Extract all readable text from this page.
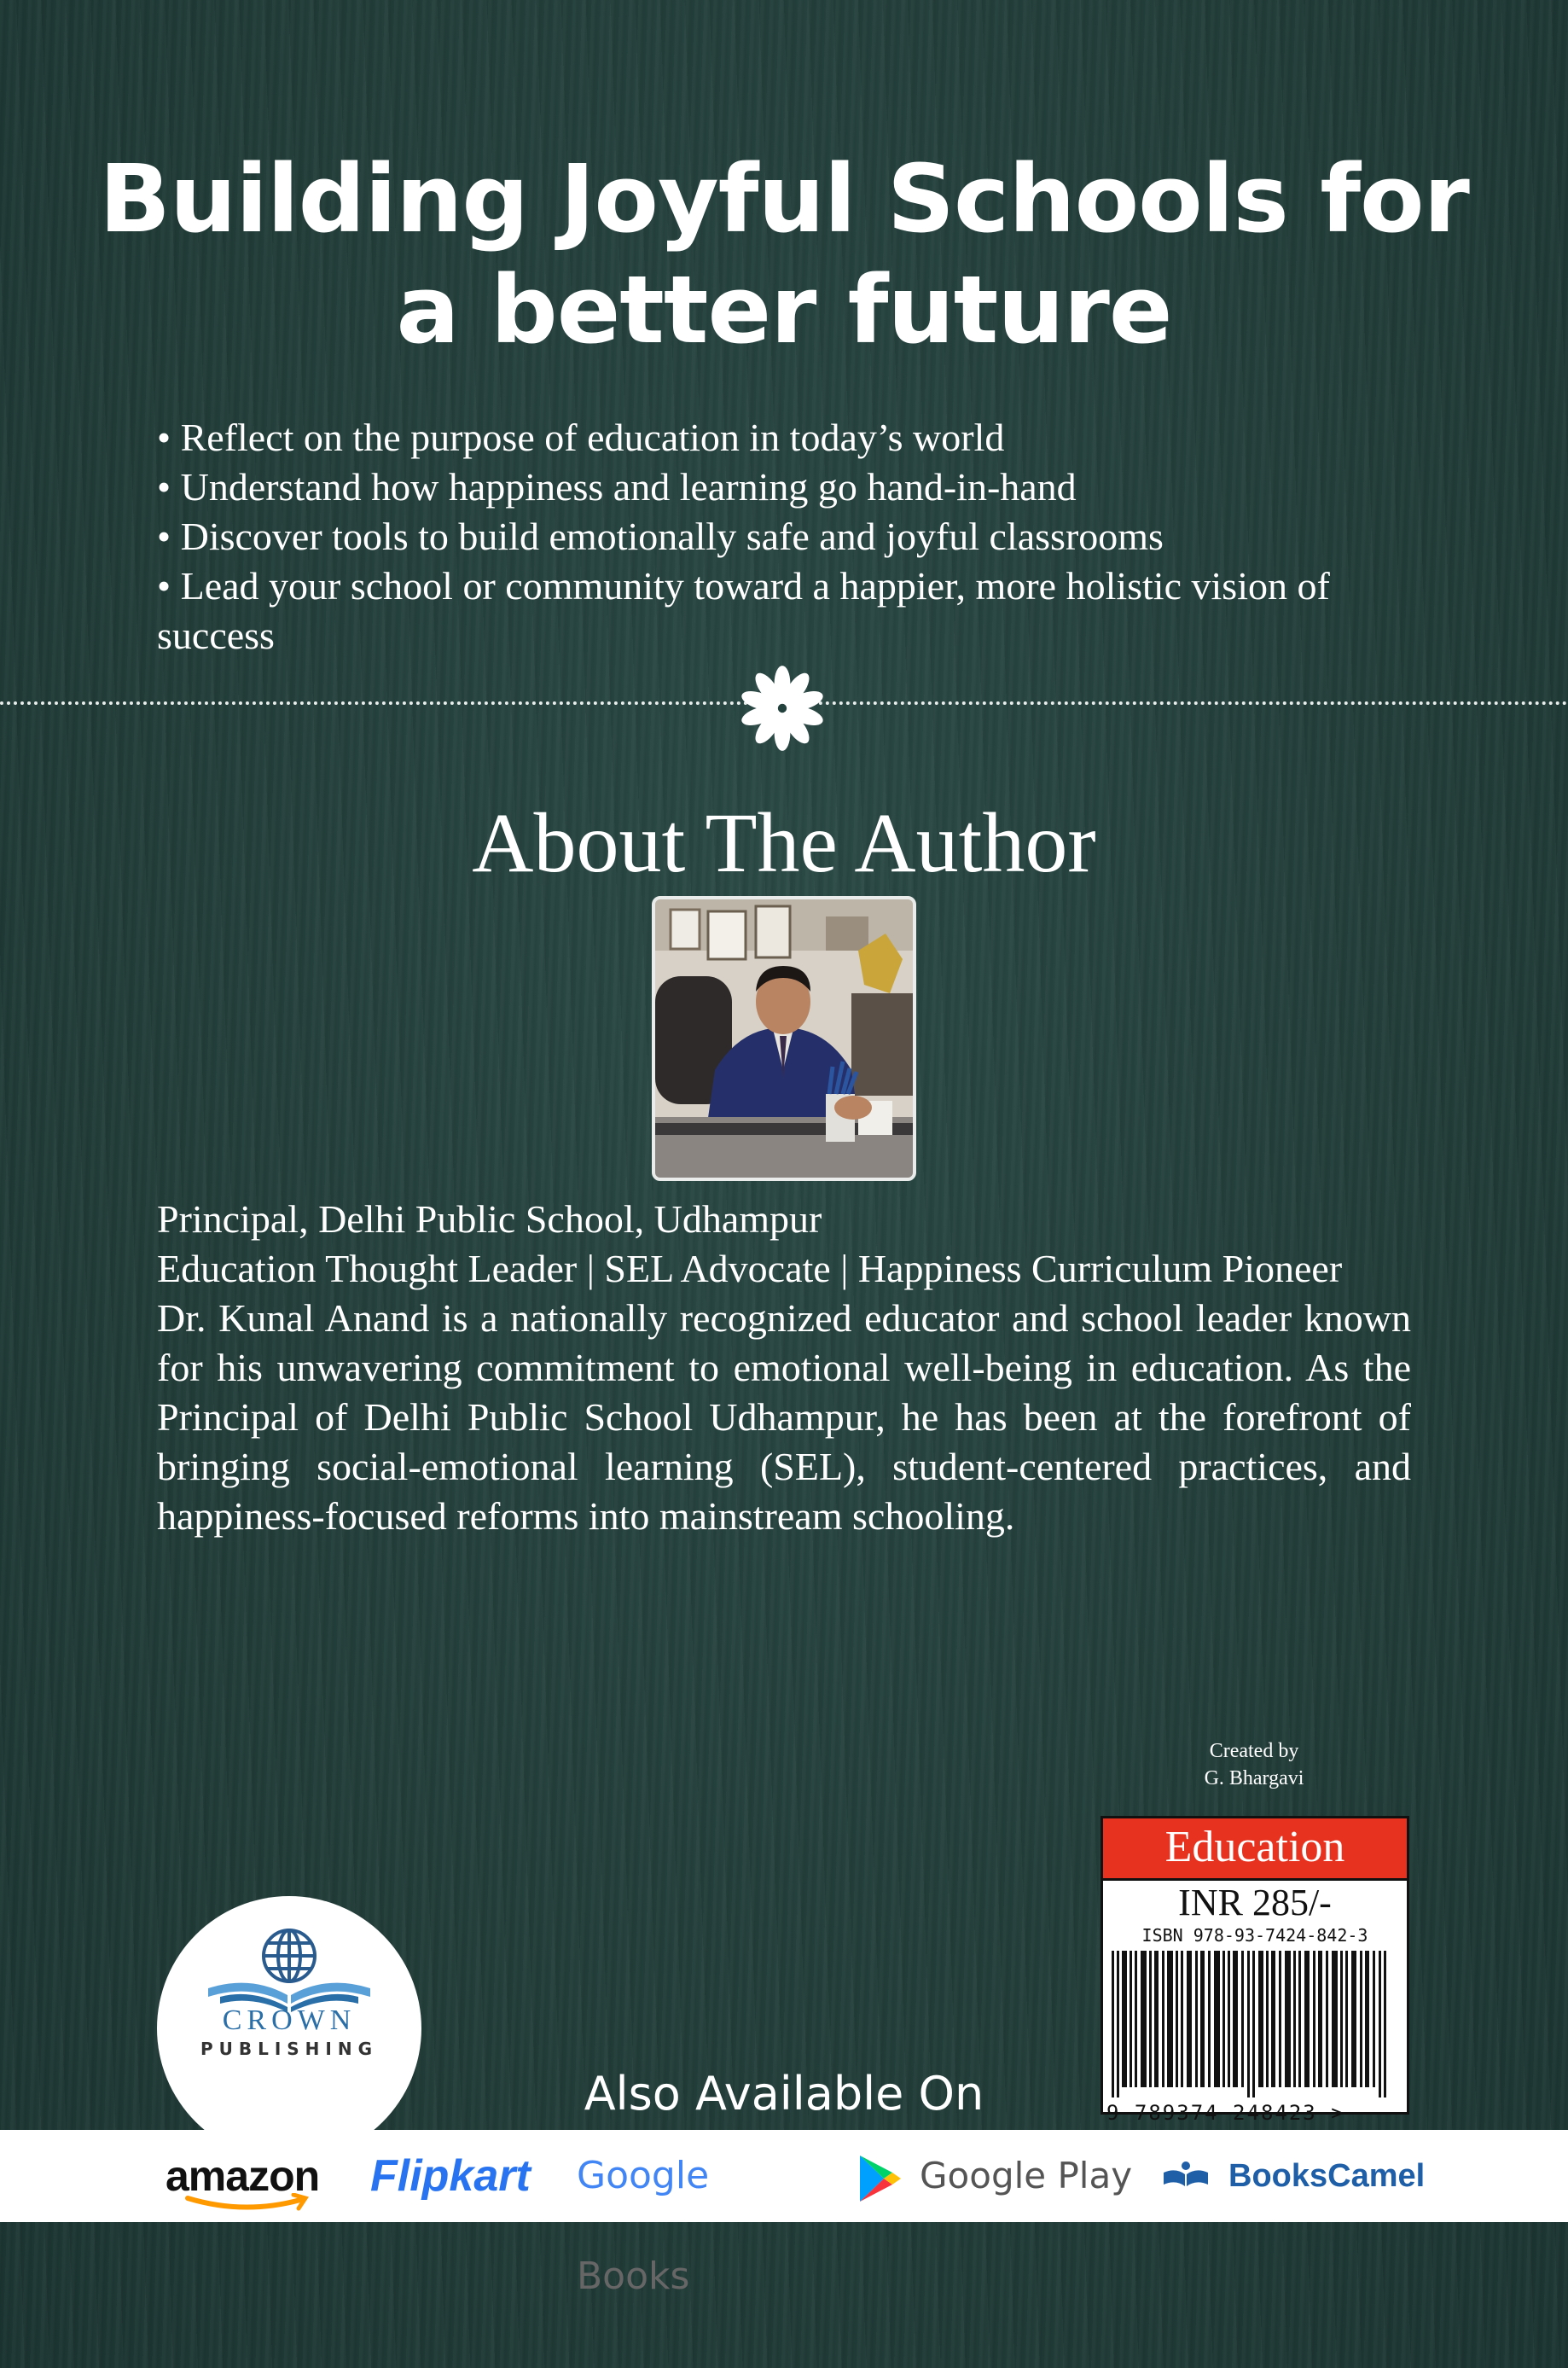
Building Joyful Schools for
a better future
• Reflect on the purpose of education in today’s world
• Understand how happiness and learning go hand-in-hand
• Discover tools to build emotionally safe and joyful classrooms
• Lead your school or community toward a happier, more holistic vision of success
About The Author
Principal, Delhi Public School, Udhampur
Education Thought Leader | SEL Advocate | Happiness Curriculum Pioneer
Dr. Kunal Anand is a nationally recognized educator and school leader known for his unwavering commitment to emotional well-being in education. As the Principal of Delhi Public School Udhampur, he has been at the forefront of bringing social-emotional learning (SEL), student-centered practices, and happiness-focused reforms into mainstream schooling.
Created by
G. Bhargavi
Education
INR 285/-
ISBN 978-93-7424-842-3
9 789374 248423 >
CROWN
PUBLISHING
Also Available On
amazon	Flipkart	Google Books
Google Play	BooksCamel
